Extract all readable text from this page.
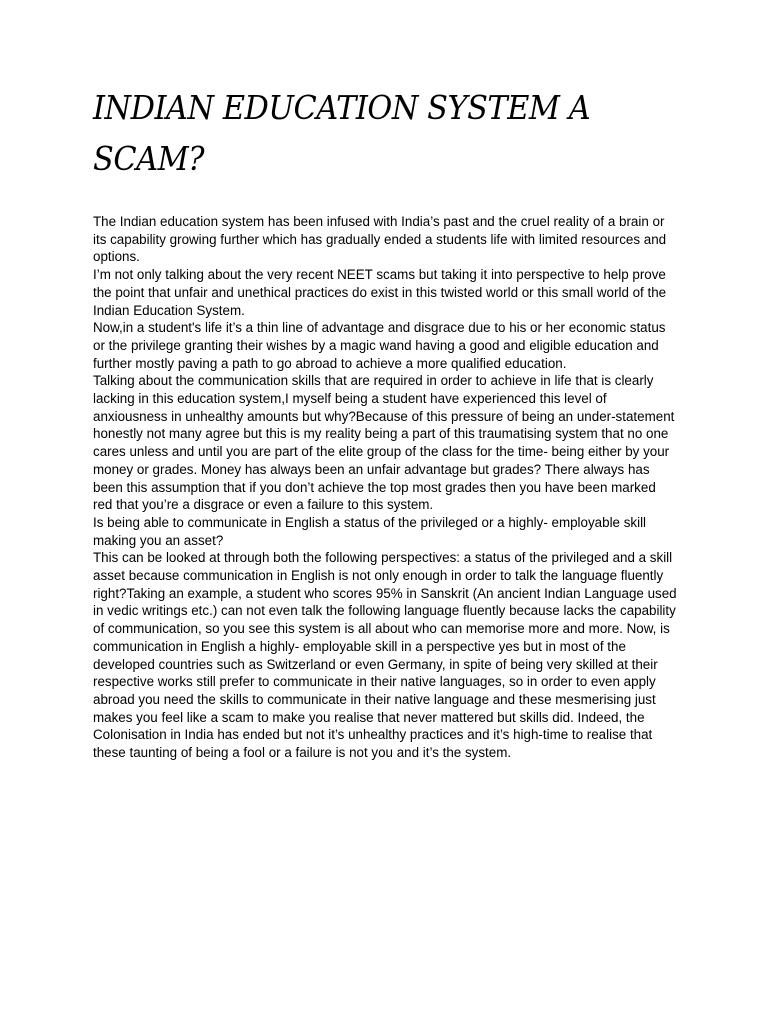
INDIAN EDUCATION SYSTEM A SCAM?

The Indian education system has been infused with India’s past and the cruel reality of a brain or its capability growing further which has gradually ended a students life with limited resources and options.

I’m not only talking about the very recent NEET scams but taking it into perspective to help prove the point that unfair and unethical practices do exist in this twisted world or this small world of the Indian Education System.

Now,in a student's life it’s a thin line of advantage and disgrace due to his or her economic status or the privilege granting their wishes by a magic wand having a good and eligible education and further mostly paving a path to go abroad to achieve a more qualified education.

Talking about the communication skills that are required in order to achieve in life that is clearly lacking in this education system,I myself being a student have experienced this level of anxiousness in unhealthy amounts but why?Because of this pressure of being an under-statement honestly not many agree but this is my reality being a part of this traumatising system that no one cares unless and until you are part of the elite group of the class for the time- being either by your money or grades. Money has always been an unfair advantage but grades? There always has been this assumption that if you don’t achieve the top most grades then you have been marked red that you’re a disgrace or even a failure to this system.

Is being able to communicate in English a status of the privileged or a highly- employable skill making you an asset?

This can be looked at through both the following perspectives: a status of the privileged and a skill asset because communication in English is not only enough in order to talk the language fluently right?Taking an example, a student who scores 95% in Sanskrit (An ancient Indian Language used in vedic writings etc.) can not even talk the following language fluently because lacks the capability of communication, so you see this system is all about who can memorise more and more. Now, is communication in English a highly- employable skill in a perspective yes but in most of the developed countries such as Switzerland or even Germany, in spite of being very skilled at their respective works still prefer to communicate in their native languages, so in order to even apply abroad you need the skills to communicate in their native language and these mesmerising just makes you feel like a scam to make you realise that never mattered but skills did. Indeed, the Colonisation in India has ended but not it’s unhealthy practices and it’s high-time to realise that these taunting of being a fool or a failure is not you and it’s the system.
